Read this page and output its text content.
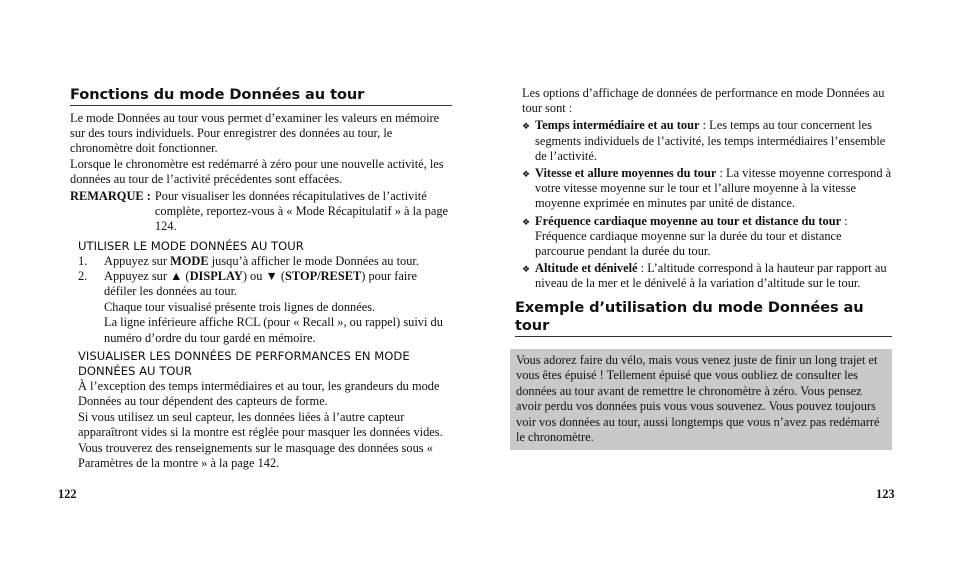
Fonctions du mode Données au tour

Le mode Données au tour vous permet d’examiner les valeurs en mémoire sur des tours individuels. Pour enregistrer des données au tour, le chronomètre doit fonctionner.

Lorsque le chronomètre est redémarré à zéro pour une nouvelle activité, les données au tour de l’activité précédentes sont effacées.

REMARQUE : Pour visualiser les données récapitulatives de l’activité complète, reportez-vous à « Mode Récapitulatif » à la page 124.
UTILISER LE MODE DONNÉES AU TOUR
1.	Appuyez sur MODE jusqu’à afficher le mode Données au tour.
2.	Appuyez sur ▲ (DISPLAY) ou ▼ (STOP/RESET) pour faire défiler les données au tour.

Chaque tour visualisé présente trois lignes de données.

La ligne inférieure affiche RCL (pour « Recall », ou rappel) suivi du numéro d’ordre du tour gardé en mémoire.

VISUALISER LES DONNÉES DE PERFORMANCES EN MODE DONNÉES AU TOUR

À l’exception des temps intermédiaires et au tour, les grandeurs du mode Données au tour dépendent des capteurs de forme.

Si vous utilisez un seul capteur, les données liées à l’autre capteur apparaîtront vides si la montre est réglée pour masquer les données vides. Vous trouverez des renseignements sur le masquage des données sous « Paramètres de la montre » à la page 142.

122

Les options d’affichage de données de performance en mode Données au tour sont :

❖ Temps intermédiaire et au tour : Les temps au tour concernent les segments individuels de l’activité, les temps intermédiaires l’ensemble de l’activité.
❖ Vitesse et allure moyennes du tour : La vitesse moyenne correspond à votre vitesse moyenne sur le tour et l’allure moyenne à la vitesse moyenne exprimée en minutes par unité de distance.
❖ Fréquence cardiaque moyenne au tour et distance du tour : Fréquence cardiaque moyenne sur la durée du tour et distance parcourue pendant la durée du tour.
❖ Altitude et dénivelé : L’altitude correspond à la hauteur par rapport au niveau de la mer et le dénivelé à la variation d’altitude sur le tour.
Exemple d’utilisation du mode Données au tour
Vous adorez faire du vélo, mais vous venez juste de finir un long trajet et vous êtes épuisé ! Tellement épuisé que vous oubliez de consulter les données au tour avant de remettre le chronomètre à zéro. Vous pensez avoir perdu vos données puis vous vous souvenez. Vous pouvez toujours voir vos données au tour, aussi longtemps que vous n’avez pas redémarré le chronomètre.
123
